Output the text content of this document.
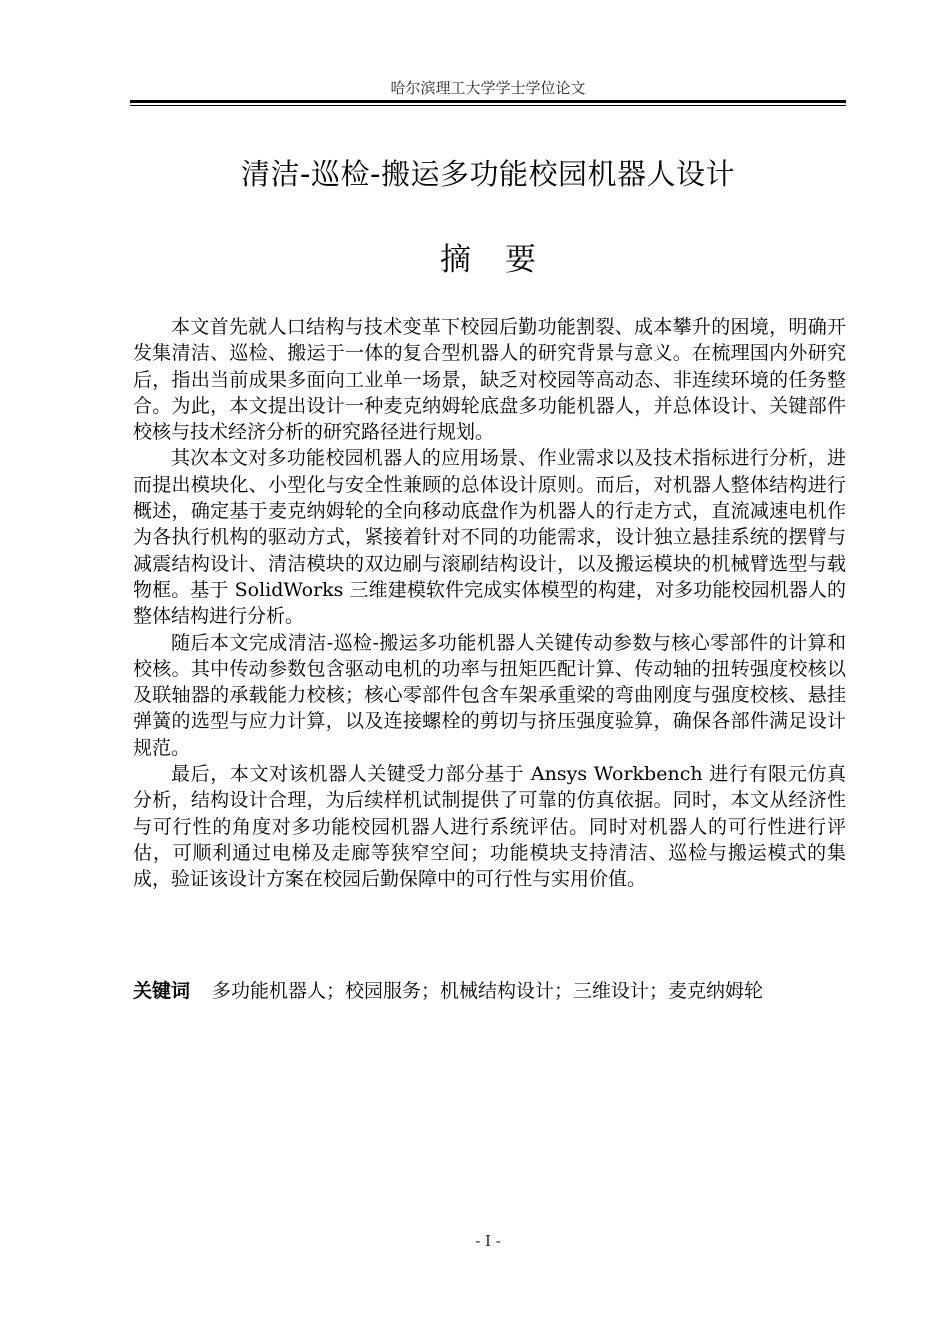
哈尔滨理工大学学士学位论文
清洁-巡检-搬运多功能校园机器人设计
摘要

本文首先就人口结构与技术变革下校园后勤功能割裂、成本攀升的困境，明确开发集清洁、巡检、搬运于一体的复合型机器人的研究背景与意义。在梳理国内外研究后，指出当前成果多面向工业单一场景，缺乏对校园等高动态、非连续环境的任务整合。为此，本文提出设计一种麦克纳姆轮底盘多功能机器人，并总体设计、关键部件校核与技术经济分析的研究路径进行规划。

其次本文对多功能校园机器人的应用场景、作业需求以及技术指标进行分析，进而提出模块化、小型化与安全性兼顾的总体设计原则。而后，对机器人整体结构进行概述，确定基于麦克纳姆轮的全向移动底盘作为机器人的行走方式，直流减速电机作为各执行机构的驱动方式，紧接着针对不同的功能需求，设计独立悬挂系统的摆臂与减震结构设计、清洁模块的双边刷与滚刷结构设计，以及搬运模块的机械臂选型与载物框。基于 SolidWorks 三维建模软件完成实体模型的构建，对多功能校园机器人的整体结构进行分析。

随后本文完成清洁-巡检-搬运多功能机器人关键传动参数与核心零部件的计算和校核。其中传动参数包含驱动电机的功率与扭矩匹配计算、传动轴的扭转强度校核以及联轴器的承载能力校核；核心零部件包含车架承重梁的弯曲刚度与强度校核、悬挂弹簧的选型与应力计算，以及连接螺栓的剪切与挤压强度验算，确保各部件满足设计规范。

最后，本文对该机器人关键受力部分基于 Ansys Workbench 进行有限元仿真分析，结构设计合理，为后续样机试制提供了可靠的仿真依据。同时，本文从经济性与可行性的角度对多功能校园机器人进行系统评估。同时对机器人的可行性进行评估，可顺利通过电梯及走廊等狭窄空间；功能模块支持清洁、巡检与搬运模式的集成，验证该设计方案在校园后勤保障中的可行性与实用价值。

关键词 多功能机器人；校园服务；机械结构设计；三维设计；麦克纳姆轮
- I -
